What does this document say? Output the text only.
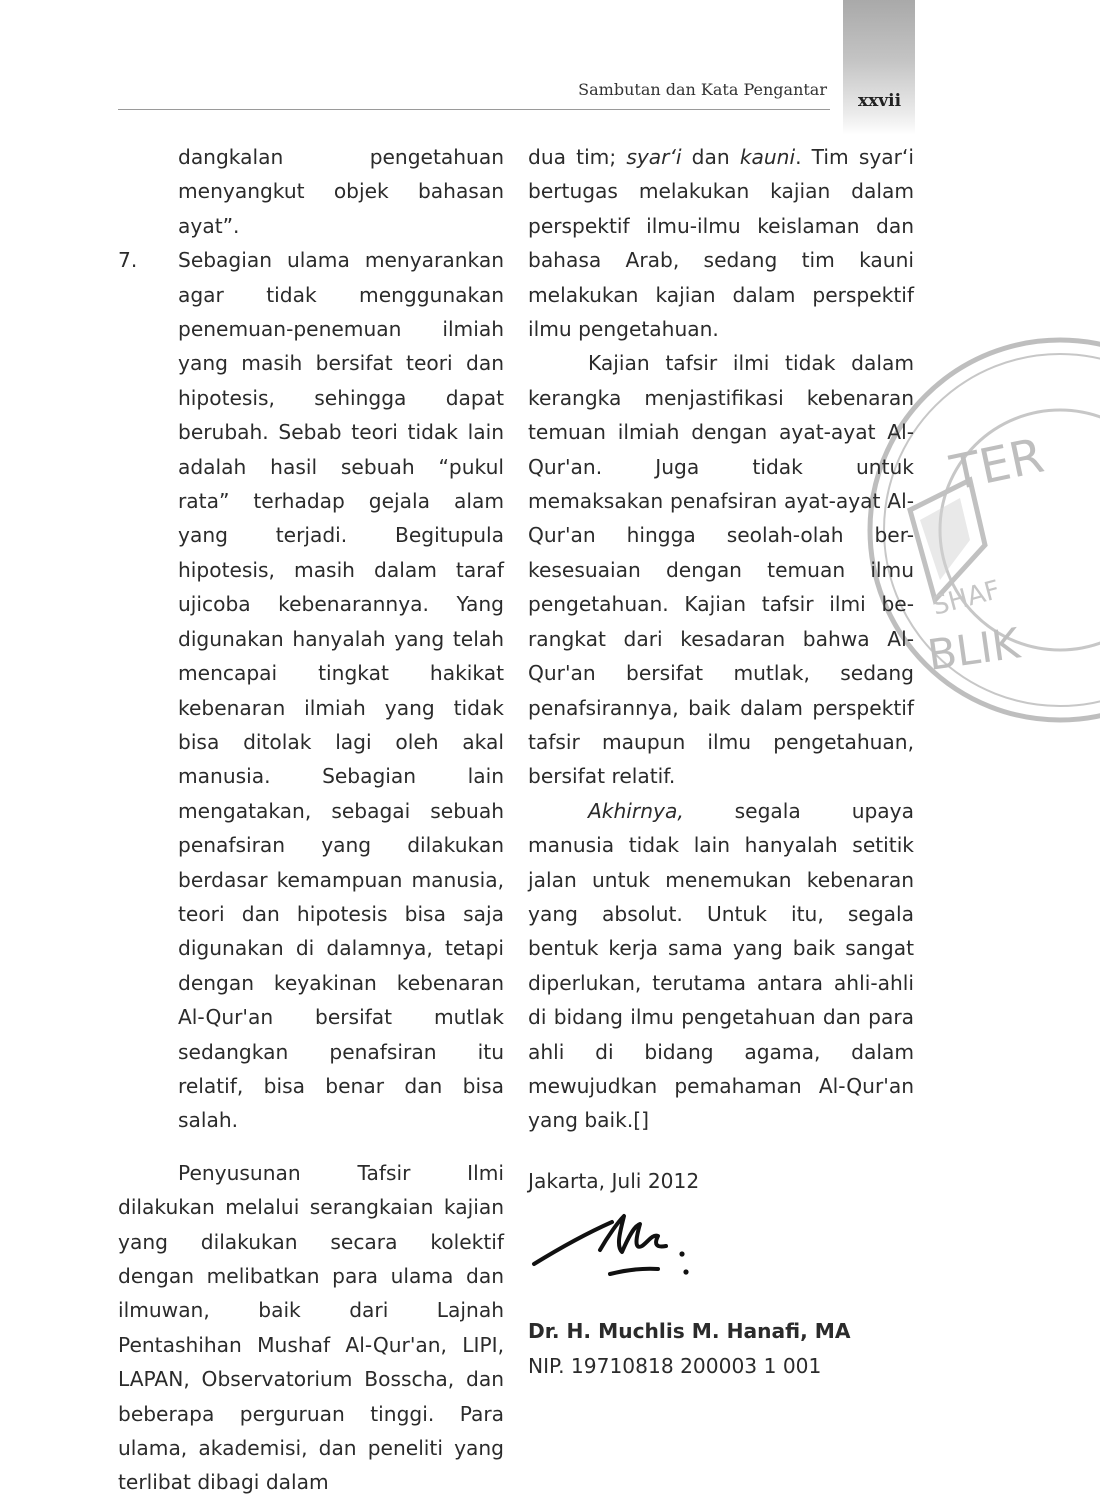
Sambutan dan Kata Pengantar
xxvii
TER
BLIK
SHAF

dangkalan pengetahuan menyangkut objek bahasan ayat”.

7. Sebagian ulama menyarankan agar tidak menggunakan penemuan-penemuan ilmiah yang masih bersifat teori dan hipotesis, sehingga dapat berubah. Sebab teori tidak lain adalah hasil sebuah “pukul rata” terhadap gejala alam yang terjadi. Begitupula hipotesis, masih dalam taraf ujicoba kebenarannya. Yang digunakan hanyalah yang telah mencapai tingkat hakikat kebenaran ilmiah yang tidak bisa ditolak lagi oleh akal manusia. Sebagian lain mengatakan, sebagai sebuah penafsiran yang dilakukan berdasar kemampuan manusia, teori dan hipotesis bisa saja digunakan di dalamnya, tetapi dengan keyakinan kebenaran Al-Qur'an bersifat mutlak sedangkan penafsiran itu relatif, bisa benar dan bisa salah.

Penyusunan Tafsir Ilmi dilakukan melalui serangkaian kajian yang dilakukan secara kolektif dengan melibatkan para ulama dan ilmuwan, baik dari Lajnah Pentashihan Mushaf Al-Qur'an, LIPI, LAPAN, Observatorium Bosscha, dan beberapa perguruan tinggi. Para ulama, akademisi, dan peneliti yang terlibat dibagi dalam

dua tim; syar‘i dan kauni. Tim syar‘i bertugas melakukan kajian dalam perspektif ilmu-ilmu keislaman dan bahasa Arab, sedang tim kauni melakukan kajian dalam perspektif ilmu pengetahuan.

Kajian tafsir ilmi tidak dalam kerangka menjastifikasi kebenaran temuan ilmiah dengan ayat-ayat Al-Qur'an. Juga tidak untuk memaksakan penafsiran ayat-ayat Al-Qur'an hingga seolah-olah ber-kesesuaian dengan temuan ilmu pengetahuan. Kajian tafsir ilmi be-rangkat dari kesadaran bahwa Al-Qur'an bersifat mutlak, sedang penafsirannya, baik dalam perspektif tafsir maupun ilmu pengetahuan, bersifat relatif.

Akhirnya, segala upaya manusia tidak lain hanyalah setitik jalan untuk menemukan kebenaran yang absolut. Untuk itu, segala bentuk kerja sama yang baik sangat diperlukan, terutama antara ahli-ahli di bidang ilmu pengetahuan dan para ahli di bidang agama, dalam mewujudkan pemahaman Al-Qur'an yang baik.[]

Jakarta, Juli 2012

Dr. H. Muchlis M. Hanafi, MA

NIP. 19710818 200003 1 001
